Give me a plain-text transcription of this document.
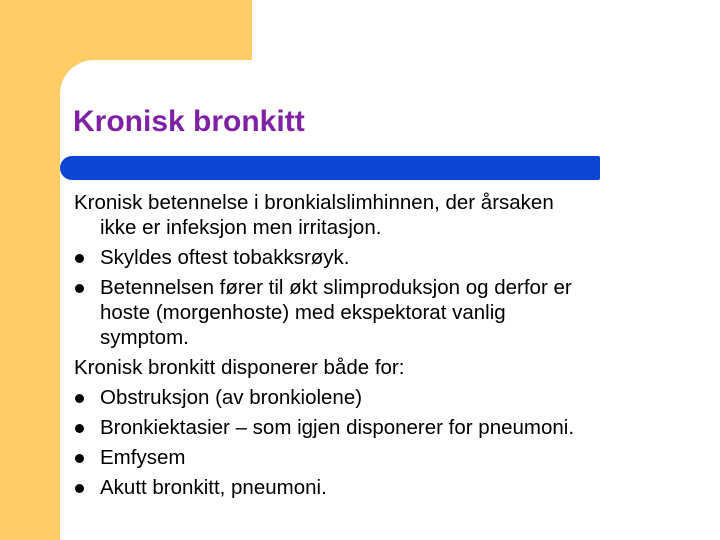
Kronisk bronkitt
Kronisk betennelse i bronkialslimhinnen, der årsaken
ikke er infeksjon men irritasjon.
Skyldes oftest tobakksrøyk.
Betennelsen fører til økt slimproduksjon og derfor er
hoste (morgenhoste) med ekspektorat vanlig
symptom.
Kronisk bronkitt disponerer både for:
Obstruksjon (av bronkiolene)
Bronkiektasier – som igjen disponerer for pneumoni.
Emfysem
Akutt bronkitt, pneumoni.
